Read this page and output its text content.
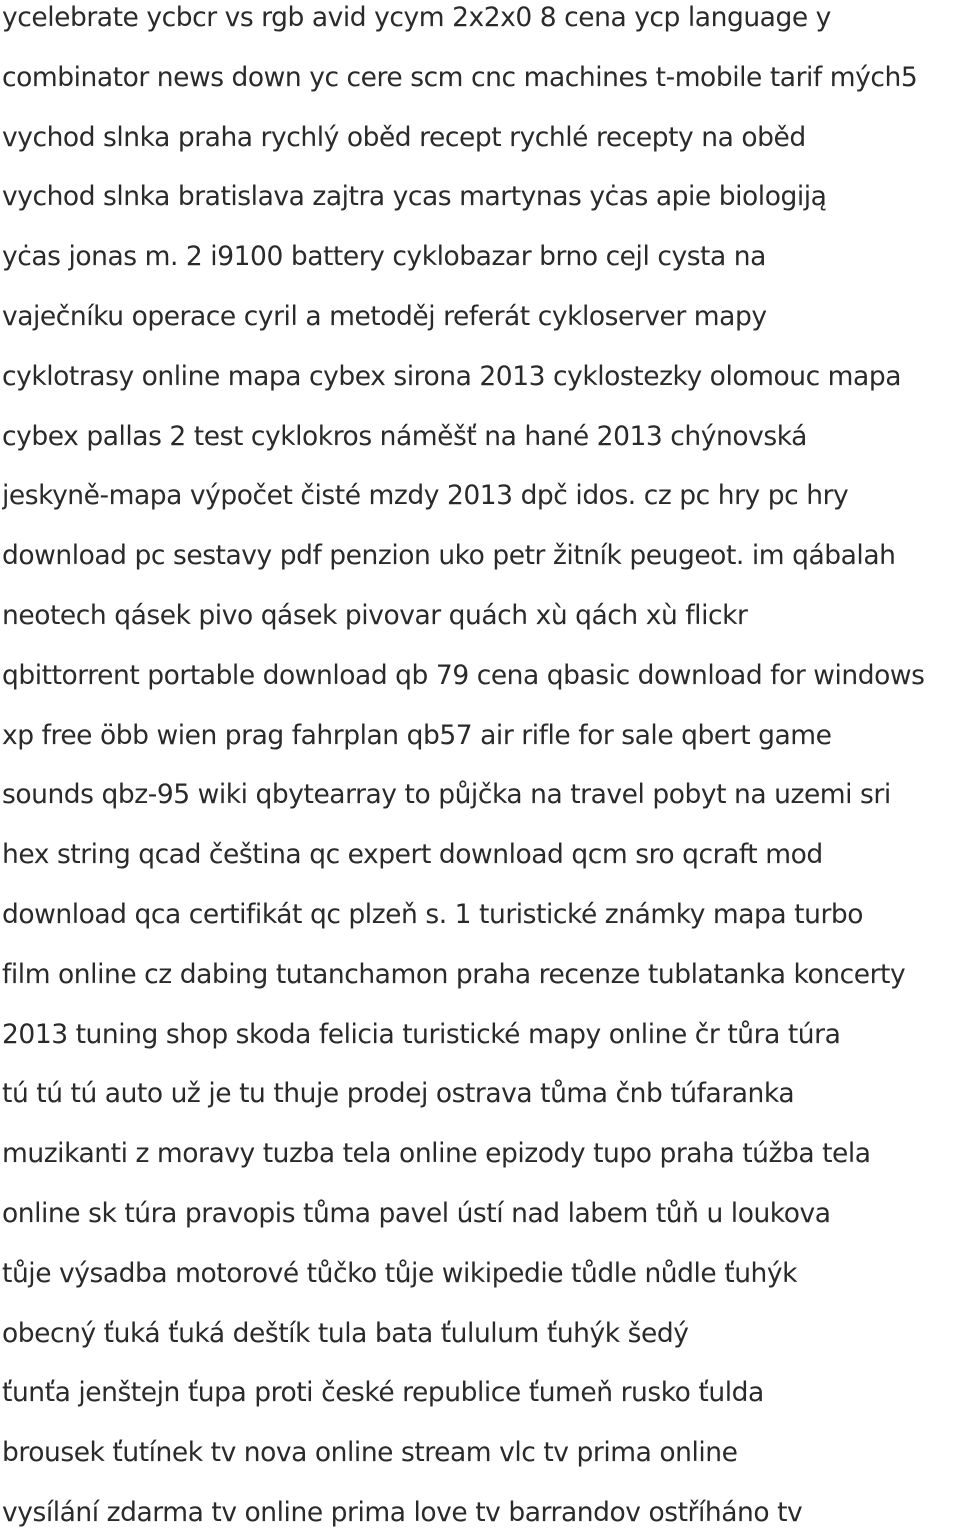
ycelebrate ycbcr vs rgb avid ycym 2x2x0 8 cena ycp language y
combinator news down yc cere scm cnc machines t-mobile tarif mých5
vychod slnka praha rychlý oběd recept rychlé recepty na oběd
vychod slnka bratislava zajtra ycas martynas yċas apie biologiją
yċas jonas m. 2 i9100 battery cyklobazar brno cejl cysta na
vaječníku operace cyril a metoděj referát cykloserver mapy
cyklotrasy online mapa cybex sirona 2013 cyklostezky olomouc mapa
cybex pallas 2 test cyklokros náměšť na hané 2013 chýnovská
jeskyně-mapa výpočet čisté mzdy 2013 dpč idos. cz pc hry pc hry
download pc sestavy pdf penzion uko petr žitník peugeot. im qábalah
neotech qásek pivo qásek pivovar quách xù qách xù flickr
qbittorrent portable download qb 79 cena qbasic download for windows
xp free öbb wien prag fahrplan qb57 air rifle for sale qbert game
sounds qbz-95 wiki qbytearray to půjčka na travel pobyt na uzemi sri
hex string qcad čeština qc expert download qcm sro qcraft mod
download qca certifikát qc plzeň s. 1 turistické známky mapa turbo
film online cz dabing tutanchamon praha recenze tublatanka koncerty
2013 tuning shop skoda felicia turistické mapy online čr tůra túra
tú tú tú auto už je tu thuje prodej ostrava tůma čnb túfaranka
muzikanti z moravy tuzba tela online epizody tupo praha túžba tela
online sk túra pravopis tůma pavel ústí nad labem tůň u loukova
tůje výsadba motorové tůčko tůje wikipedie tůdle nůdle ťuhýk
obecný ťuká ťuká deštík tula bata ťululum ťuhýk šedý
ťunťa jenštejn ťupa proti české republice ťumeň rusko ťulda
brousek ťutínek tv nova online stream vlc tv prima online
vysílání zdarma tv online prima love tv barrandov ostříháno tv
